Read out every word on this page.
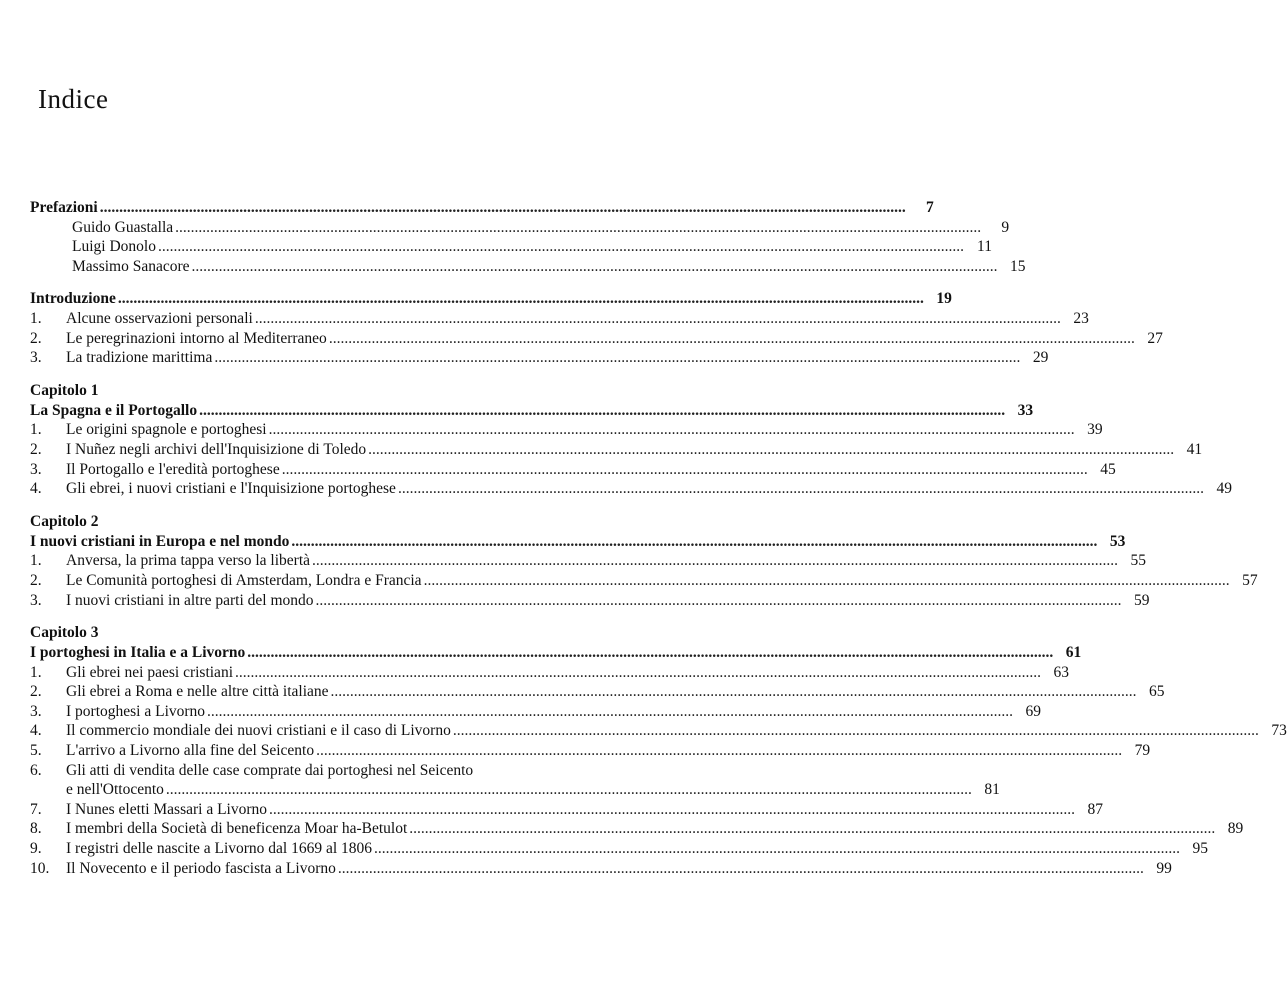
Indice
Prefazioni .....	7
Guido Guastalla .....	9
Luigi Donolo .....	11
Massimo Sanacore .....	15
Introduzione .....	19
1.	Alcune osservazioni personali .....	23
2.	Le peregrinazioni intorno al Mediterraneo .....	27
3.	La tradizione marittima .....	29
Capitolo 1
La Spagna e il Portogallo .....	33
1.	Le origini spagnole e portoghesi .....	39
2.	I Nuñez negli archivi dell'Inquisizione di Toledo .....	41
3.	Il Portogallo e l'eredità portoghese .....	45
4.	Gli ebrei, i nuovi cristiani e l'Inquisizione portoghese .....	49
Capitolo 2
I nuovi cristiani in Europa e nel mondo .....	53
1.	Anversa, la prima tappa verso la libertà .....	55
2.	Le Comunità portoghesi di Amsterdam, Londra e Francia .....	57
3.	I nuovi cristiani in altre parti del mondo .....	59
Capitolo 3
I portoghesi in Italia e a Livorno .....	61
1.	Gli ebrei nei paesi cristiani .....	63
2.	Gli ebrei a Roma e nelle altre città italiane .....	65
3.	I portoghesi a Livorno .....	69
4.	Il commercio mondiale dei nuovi cristiani e il caso di Livorno .....	73
5.	L'arrivo a Livorno alla fine del Seicento .....	79
6.	Gli atti di vendita delle case comprate dai portoghesi nel Seicento
e nell'Ottocento .....	81
7.	I Nunes eletti Massari a Livorno .....	87
8.	I membri della Società di beneficenza Moar ha-Betulot .....	89
9.	I registri delle nascite a Livorno dal 1669 al 1806 .....	95
10.	Il Novecento e il periodo fascista a Livorno .....	99
